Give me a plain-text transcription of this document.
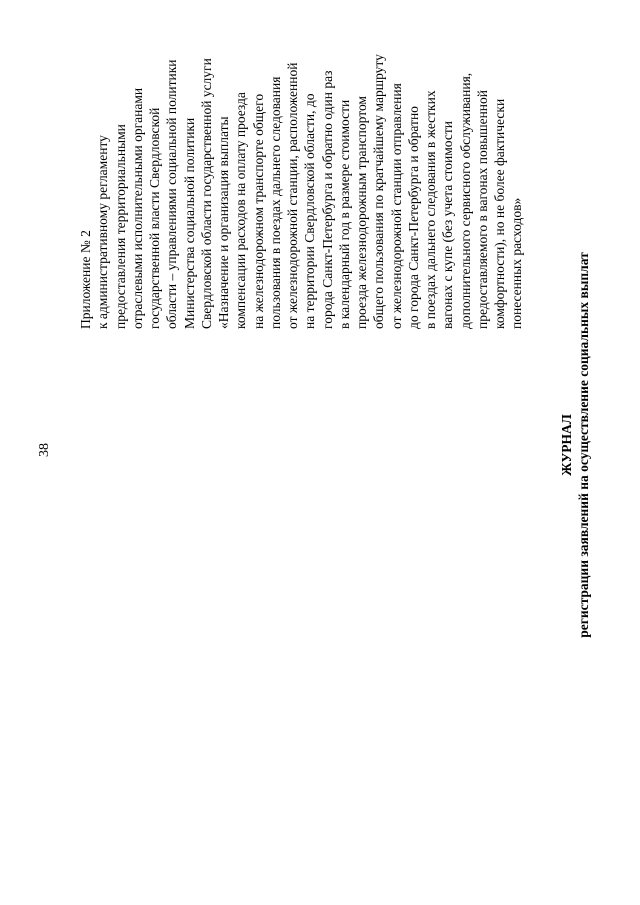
38
Приложение № 2 к административному регламенту предоставления территориальными отраслевыми исполнительными органами государственной власти Свердловской области – управлениями социальной политики Министерства социальной политики Свердловской области государственной услуги «Назначение и организация выплаты компенсации расходов на оплату проезда на железнодорожном транспорте общего пользования в поездах дальнего следования от железнодорожной станции, расположенной на территории Свердловской области, до города Санкт-Петербурга и обратно один раз в календарный год в размере стоимости проезда железнодорожным транспортом общего пользования по кратчайшему маршруту от железнодорожной станции отправления до города Санкт-Петербурга и обратно в поездах дальнего следования в жестких вагонах с купе (без учета стоимости дополнительного сервисного обслуживания, предоставляемого в вагонах повышенной комфортности), но не более фактически понесенных расходов»
ЖУРНАЛ регистрации заявлений на осуществление социальных выплат
